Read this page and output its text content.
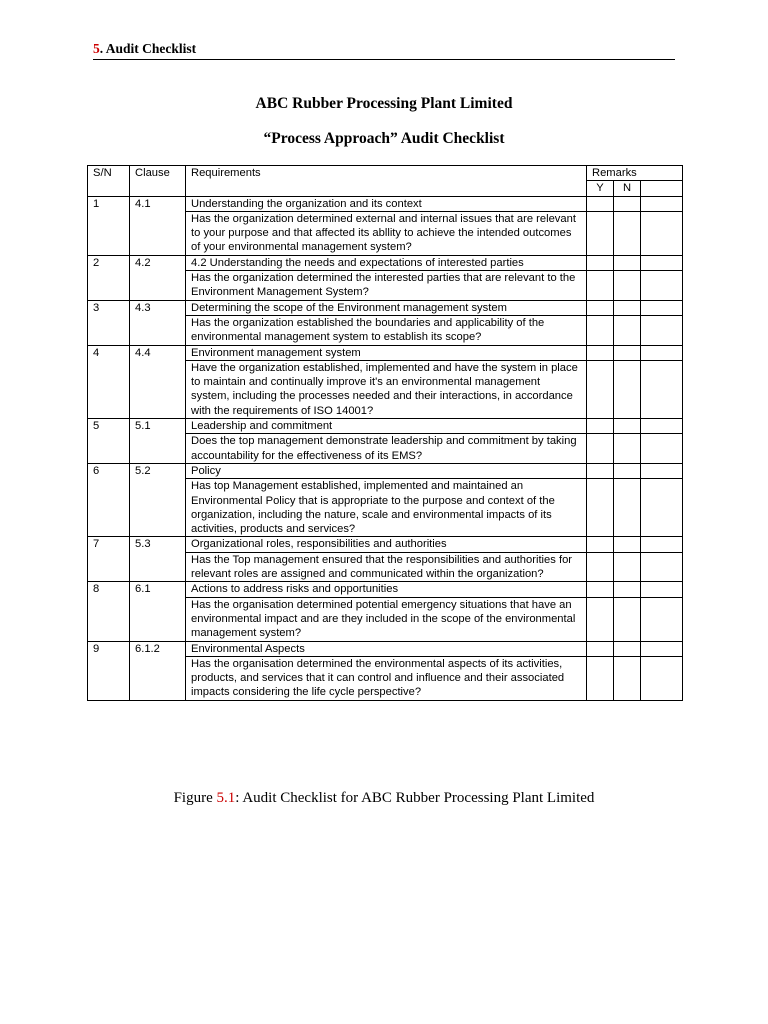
5. Audit Checklist
ABC Rubber Processing Plant Limited
“Process Approach” Audit Checklist
S/N	Clause	Requirements	Remarks		
			Y	N	
1	4.1	Understanding the organization and its context			
		Has the organization determined external and internal issues that are relevant to your purpose and that affected its abllity to achieve the intended outcomes of your environmental management system?			
2	4.2	4.2 Understanding the needs and expectations of interested parties			
		Has the organization determined the interested parties that are relevant to the Environment Management System?			
3	4.3	Determining the scope of the Environment management system			
		Has the organization established the boundaries and applicability of the environmental management system to establish its scope?			
4	4.4	Environment management system			
		Have the organization established, implemented and have the system in place to maintain and continually improve it's an environmental management system, including the processes needed and their interactions, in accordance with the requirements of ISO 14001?			
5	5.1	Leadership and commitment			
		Does the top management demonstrate leadership and commitment by taking accountability for the effectiveness of its EMS?			
6	5.2	Policy			
		Has top Management established, implemented and maintained an Environmental Policy that is appropriate to the purpose and context of the organization, including the nature, scale and environmental impacts of its activities, products and services?			
7	5.3	Organizational roles, responsibilities and authorities			
		Has the Top management ensured that the responsibilities and authorities for relevant roles are assigned and communicated within the organization?			
8	6.1	Actions to address risks and opportunities			
		Has the organisation determined potential emergency situations that have an environmental impact and are they included in the scope of the environmental management system?			
9	6.1.2	Environmental Aspects			
		Has the organisation determined the environmental aspects of its activities, products, and services that it can control and influence and their associated impacts considering the life cycle perspective?			
Figure 5.1: Audit Checklist for ABC Rubber Processing Plant Limited
